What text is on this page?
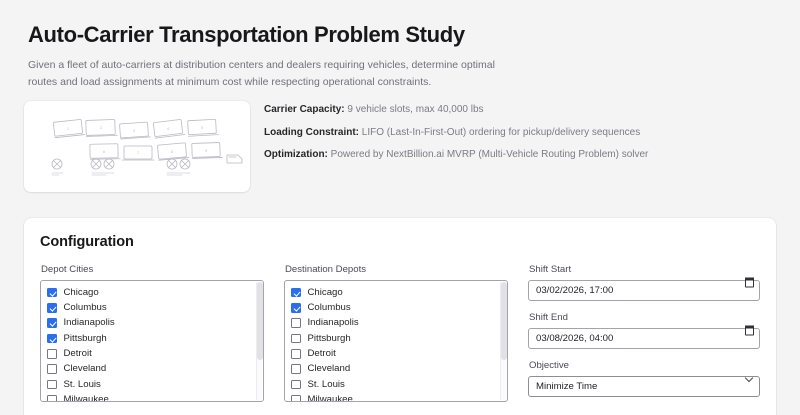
Auto-Carrier Transportation Problem Study

Given a fleet of auto-carriers at distribution centers and dealers requiring vehicles, determine optimal routes and load assignments at minimum cost while respecting operational constraints.

1	2
3	4	5
6	7	8	9
Carrier Capacity: 9 vehicle slots, max 40,000 lbs
Loading Constraint: LIFO (Last-In-First-Out) ordering for pickup/delivery sequences
Optimization: Powered by NextBillion.ai MVRP (Multi-Vehicle Routing Problem) solver
Configuration
Depot Cities
Chicago
Columbus
Indianapolis
Pittsburgh
Detroit
Cleveland
St. Louis
Milwaukee
Destination Depots
Chicago
Columbus
Indianapolis
Pittsburgh
Detroit
Cleveland
St. Louis
Milwaukee
Shift Start
03/02/2026, 17:00
Shift End
03/08/2026, 04:00
Objective
Minimize Time
